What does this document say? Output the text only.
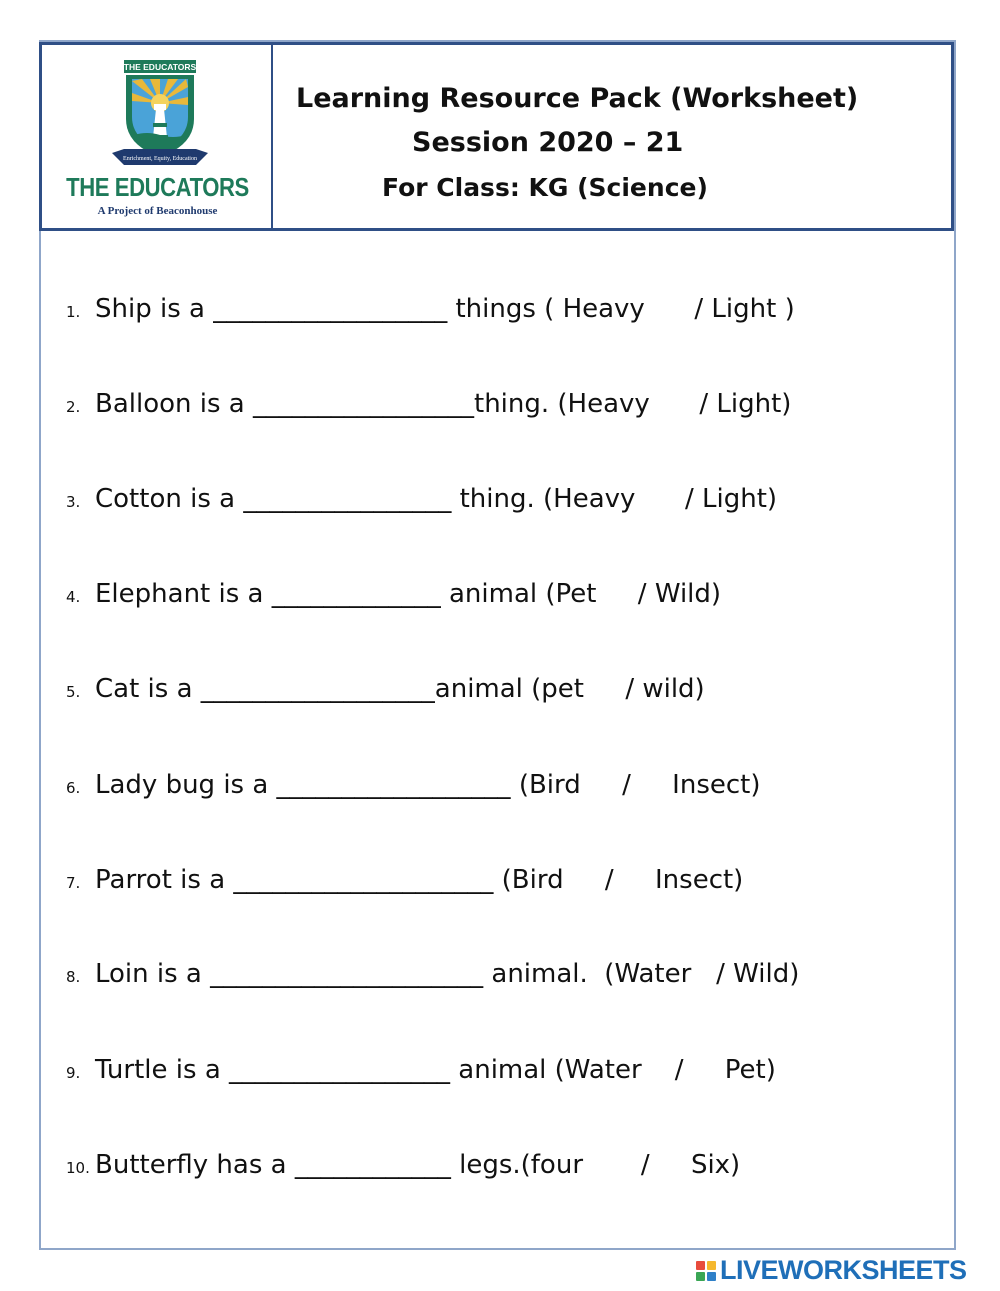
THE EDUCATORS
Enrichment, Equity, Education
THE EDUCATORS
A Project of Beaconhouse
Learning Resource Pack (Worksheet)
Session 2020 – 21
For Class: KG (Science)
1. Ship is a __________________ things ( Heavy      / Light )
2. Balloon is a _________________thing. (Heavy      / Light)
3. Cotton is a ________________ thing. (Heavy      / Light)
4. Elephant is a _____________ animal (Pet     / Wild)
5. Cat is a __________________animal (pet     / wild)
6. Lady bug is a __________________ (Bird     /     Insect)
7. Parrot is a ____________________ (Bird     /     Insect)
8. Loin is a _____________________ animal.  (Water   / Wild)
9. Turtle is a _________________ animal (Water    /     Pet)
10. Butterfly has a ____________ legs.(four       /     Six)
LIVEWORKSHEETS
